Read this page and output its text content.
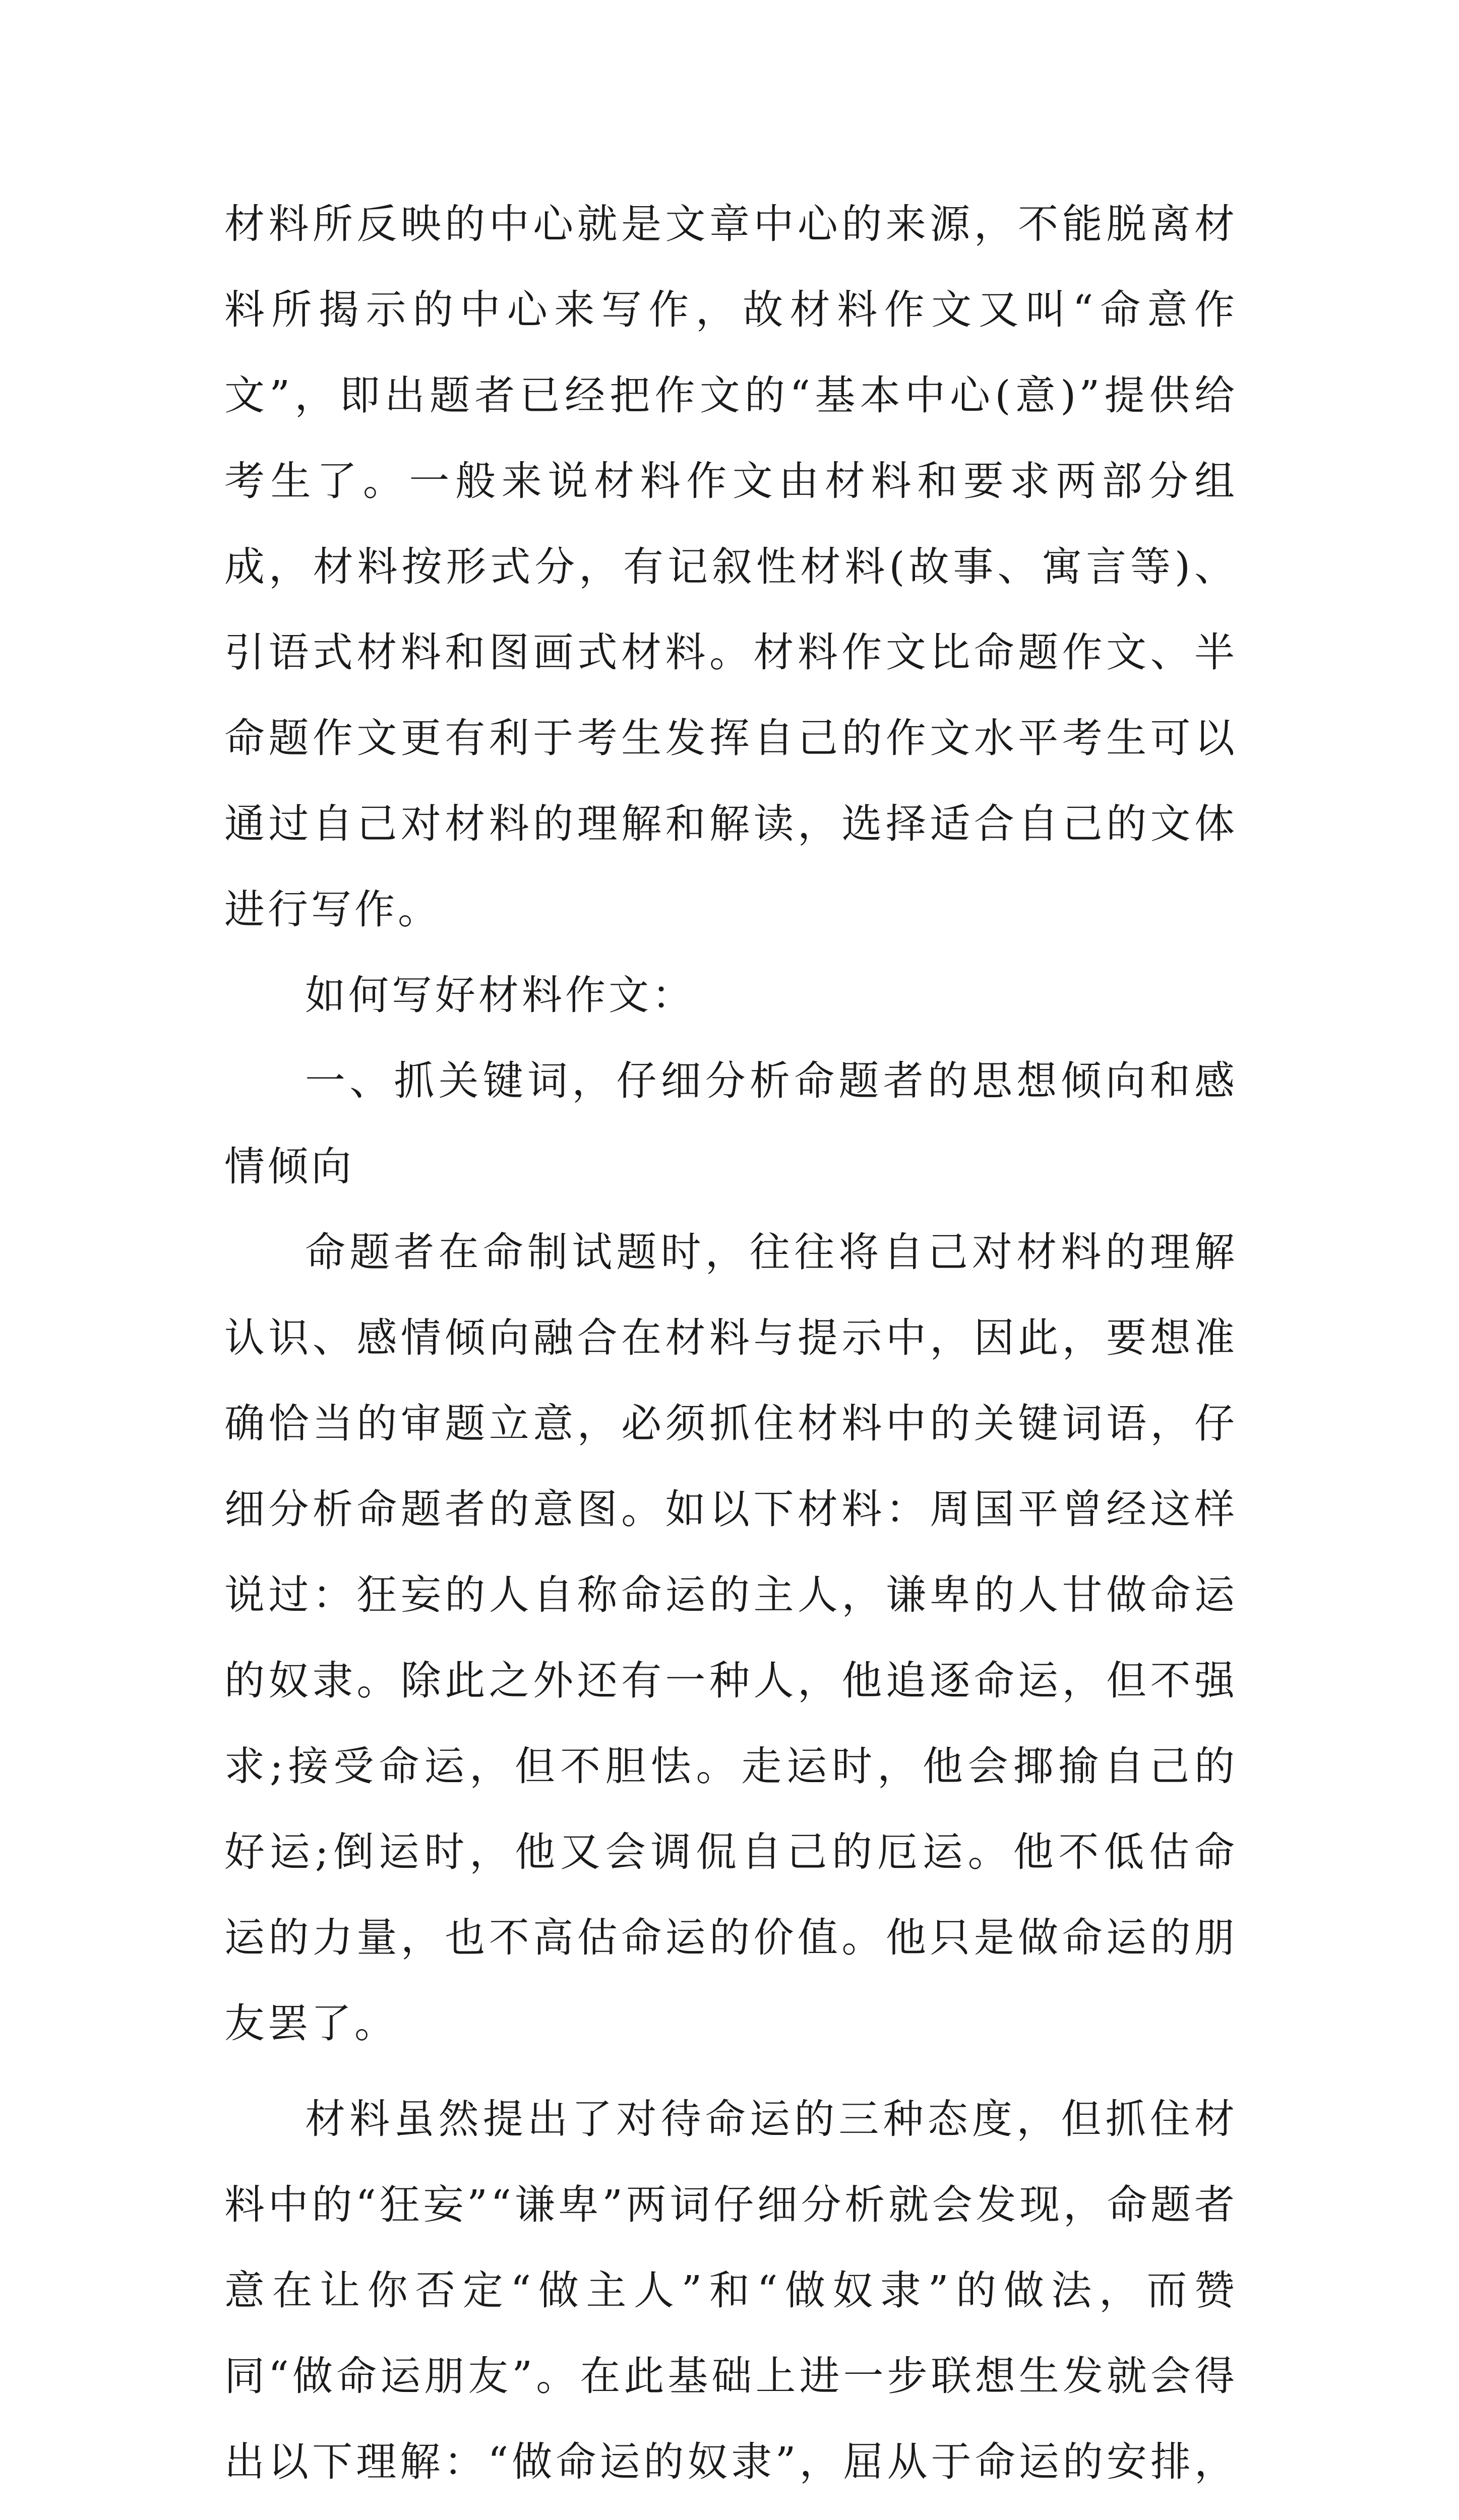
材料所反映的中心就是文章中心的来源，不能脱离材料所揭示的中心来写作，故材料作文又叫“命意作文”，即出题者已经把作文的“基本中心(意)”提供给考生了。一般来说材料作文由材料和要求两部分组成，材料按形式分，有记叙性材料(故事、寓言等)、引语式材料和图画式材料。材料作文比命题作文、半命题作文更有利于考生发挥自己的作文水平考生可以通过自己对材料的理解和解读，选择适合自己的文体进行写作。

如何写好材料作文：

一、抓关键词，仔细分析命题者的思想倾向和感情倾向

命题者在命制试题时，往往将自己对材料的理解认识、感情倾向融合在材料与提示中，因此，要想准确恰当的审题立意，必须抓住材料中的关键词语，仔细分析命题者的意图。如以下材料：周国平曾经这样说过：狂妄的人自称命运的主人，谦卑的人甘做命运的奴隶。除此之外还有一种人，他追逐命运，但不强求;接受命运，但不胆怯。走运时，他会揶揄自己的好运;倒运时，他又会调侃自己的厄运。他不低估命运的力量，也不高估命运的价值。他只是做命运的朋友罢了。

材料虽然提出了对待命运的三种态度，但抓住材料中的“狂妄”“谦卑”两词仔细分析就会发现，命题者意在让你否定“做主人”和“做奴隶”的做法，而赞同“做命运朋友”。在此基础上进一步联想生发就会得出以下理解：“做命运的奴隶”，屈从于命运的安排，
